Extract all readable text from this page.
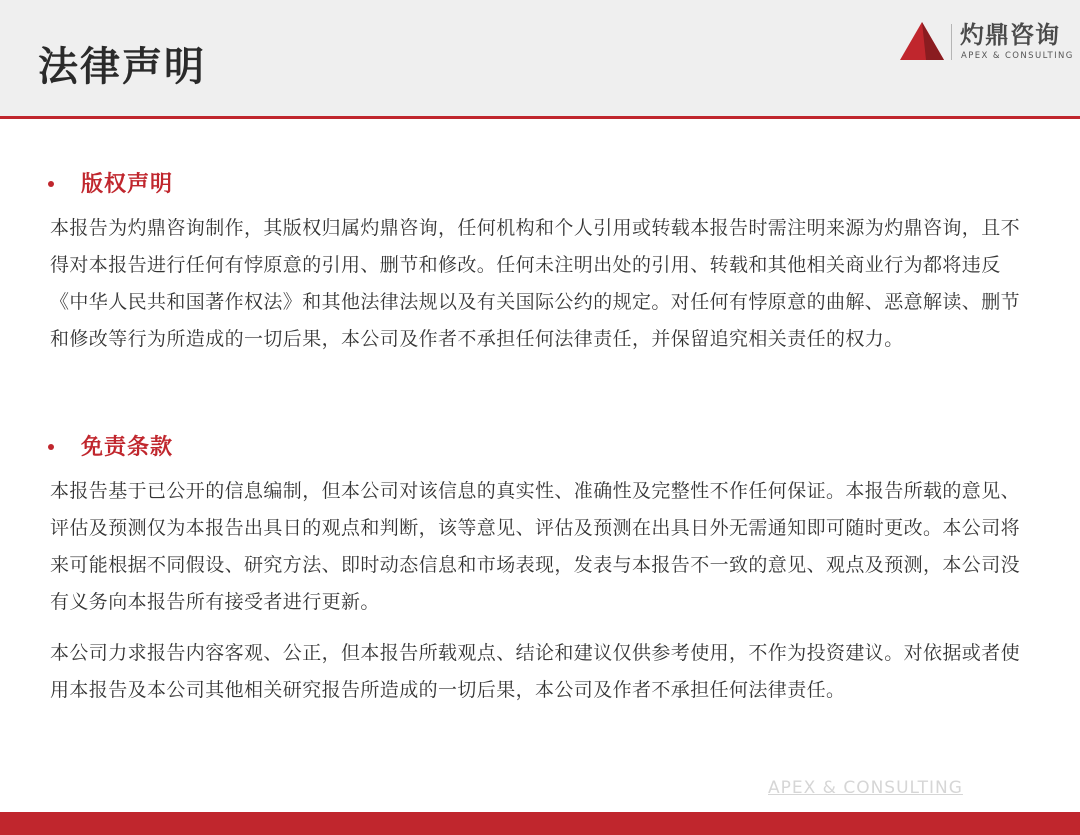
法律声明
灼鼎咨询
APEX & CONSULTING
版权声明

本报告为灼鼎咨询制作，其版权归属灼鼎咨询，任何机构和个人引用或转载本报告时需注明来源为灼鼎咨询，且不得对本报告进行任何有悖原意的引用、删节和修改。任何未注明出处的引用、转载和其他相关商业行为都将违反《中华人民共和国著作权法》和其他法律法规以及有关国际公约的规定。对任何有悖原意的曲解、恶意解读、删节和修改等行为所造成的一切后果，本公司及作者不承担任何法律责任，并保留追究相关责任的权力。

免责条款

本报告基于已公开的信息编制，但本公司对该信息的真实性、准确性及完整性不作任何保证。本报告所载的意见、评估及预测仅为本报告出具日的观点和判断，该等意见、评估及预测在出具日外无需通知即可随时更改。本公司将来可能根据不同假设、研究方法、即时动态信息和市场表现，发表与本报告不一致的意见、观点及预测，本公司没有义务向本报告所有接受者进行更新。

本公司力求报告内容客观、公正，但本报告所载观点、结论和建议仅供参考使用，不作为投资建议。对依据或者使用本报告及本公司其他相关研究报告所造成的一切后果，本公司及作者不承担任何法律责任。

APEX & CONSULTING
